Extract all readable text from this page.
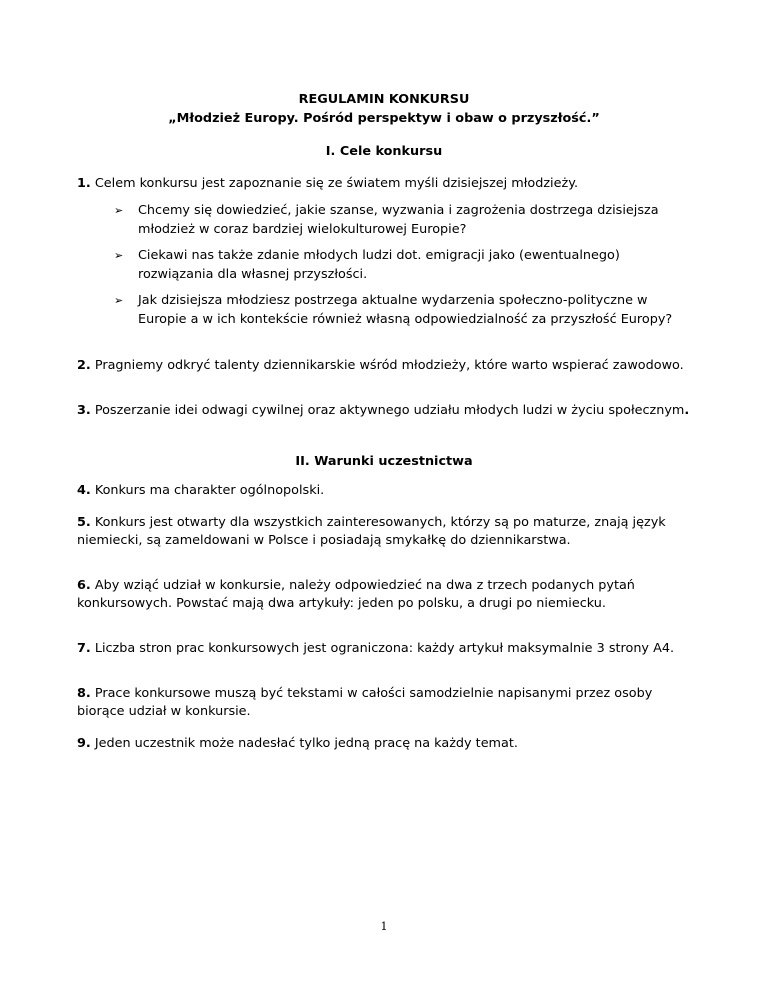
REGULAMIN KONKURSU
„Młodzież Europy. Pośród perspektyw i obaw o przyszłość.”
I. Cele konkursu
1. Celem konkursu jest zapoznanie się ze światem myśli dzisiejszej młodzieży.
➢	Chcemy się dowiedzieć, jakie szanse, wyzwania i zagrożenia dostrzega dzisiejsza młodzież w coraz bardziej wielokulturowej Europie?
➢	Ciekawi nas także zdanie młodych ludzi dot. emigracji jako (ewentualnego) rozwiązania dla własnej przyszłości.
➢	Jak dzisiejsza młodziesz postrzega aktualne wydarzenia społeczno-polityczne w Europie a w ich kontekście również własną odpowiedzialność za przyszłość Europy?
2. Pragniemy odkryć talenty dziennikarskie wśród młodzieży, które warto wspierać zawodowo.
3. Poszerzanie idei odwagi cywilnej oraz aktywnego udziału młodych ludzi w życiu społecznym.
II. Warunki uczestnictwa
4. Konkurs ma charakter ogólnopolski.
5. Konkurs jest otwarty dla wszystkich zainteresowanych, którzy są po maturze, znają język niemiecki, są zameldowani w Polsce i posiadają smykałkę do dziennikarstwa.
6. Aby wziąć udział w konkursie, należy odpowiedzieć na dwa z trzech podanych pytań konkursowych. Powstać mają dwa artykuły: jeden po polsku, a drugi po niemiecku.
7. Liczba stron prac konkursowych jest ograniczona: każdy artykuł maksymalnie 3 strony A4.
8. Prace konkursowe muszą być tekstami w całości samodzielnie napisanymi przez osoby biorące udział w konkursie.
9. Jeden uczestnik może nadesłać tylko jedną pracę na każdy temat.
1
